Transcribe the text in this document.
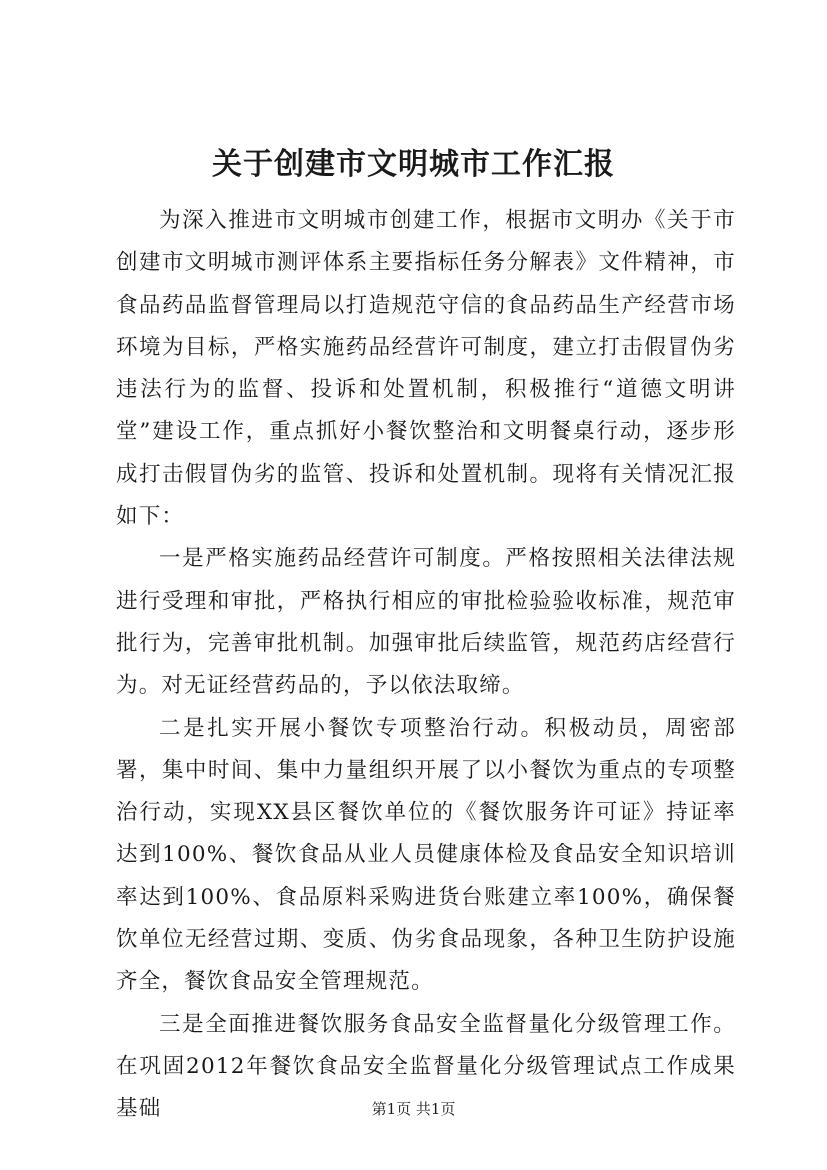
关于创建市文明城市工作汇报

为深入推进市文明城市创建工作，根据市文明办《关于市创建市文明城市测评体系主要指标任务分解表》文件精神，市食品药品监督管理局以打造规范守信的食品药品生产经营市场环境为目标，严格实施药品经营许可制度，建立打击假冒伪劣违法行为的监督、投诉和处置机制，积极推行“道德文明讲堂”建设工作，重点抓好小餐饮整治和文明餐桌行动，逐步形成打击假冒伪劣的监管、投诉和处置机制。现将有关情况汇报如下：

一是严格实施药品经营许可制度。严格按照相关法律法规进行受理和审批，严格执行相应的审批检验验收标准，规范审批行为，完善审批机制。加强审批后续监管，规范药店经营行为。对无证经营药品的，予以依法取缔。

二是扎实开展小餐饮专项整治行动。积极动员，周密部署，集中时间、集中力量组织开展了以小餐饮为重点的专项整治行动，实现XX县区餐饮单位的《餐饮服务许可证》持证率达到100%、餐饮食品从业人员健康体检及食品安全知识培训率达到100%、食品原料采购进货台账建立率100%，确保餐饮单位无经营过期、变质、伪劣食品现象，各种卫生防护设施齐全，餐饮食品安全管理规范。

三是全面推进餐饮服务食品安全监督量化分级管理工作。在巩固2012年餐饮食品安全监督量化分级管理试点工作成果基础	第1页 共1页
